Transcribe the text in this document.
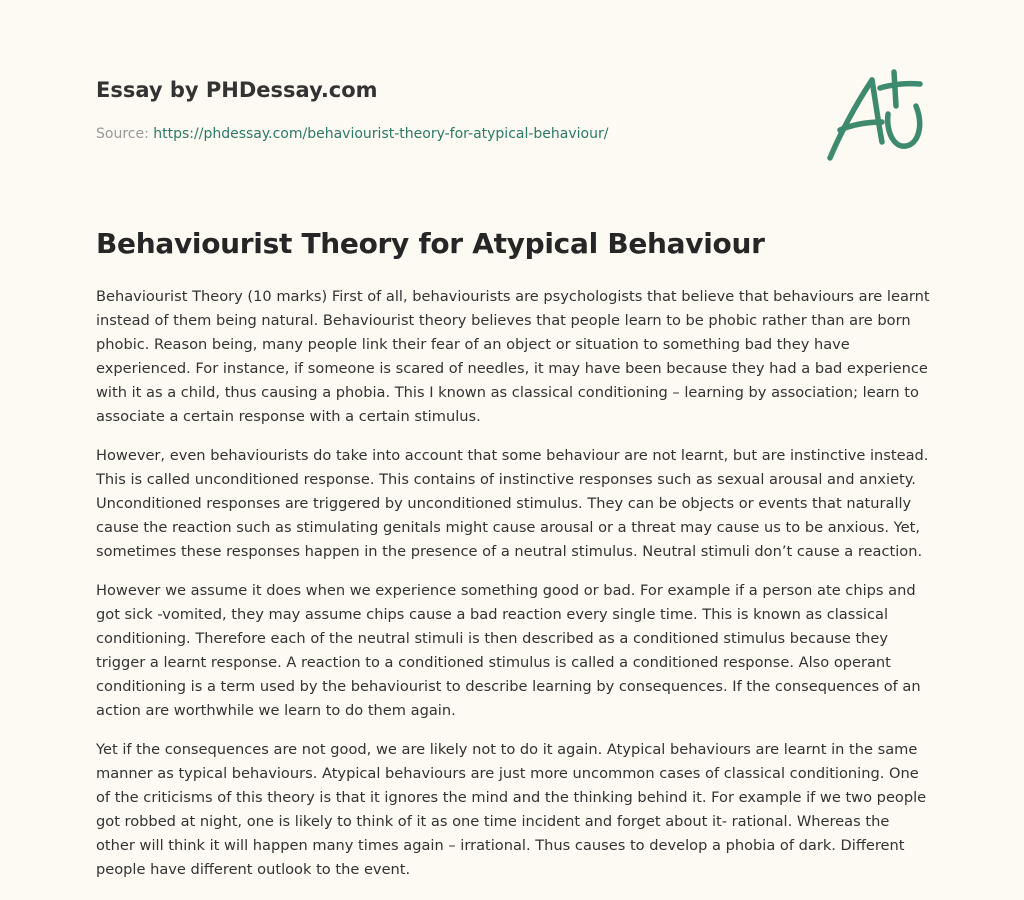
Essay by PHDessay.com
Source: https://phdessay.com/behaviourist-theory-for-atypical-behaviour/
Behaviourist Theory for Atypical Behaviour

Behaviourist Theory (10 marks) First of all, behaviourists are psychologists that believe that behaviours are learnt instead of them being natural. Behaviourist theory believes that people learn to be phobic rather than are born phobic. Reason being, many people link their fear of an object or situation to something bad they have experienced. For instance, if someone is scared of needles, it may have been because they had a bad experience with it as a child, thus causing a phobia. This I known as classical conditioning – learning by association; learn to associate a certain response with a certain stimulus.

However, even behaviourists do take into account that some behaviour are not learnt, but are instinctive instead. This is called unconditioned response. This contains of instinctive responses such as sexual arousal and anxiety. Unconditioned responses are triggered by unconditioned stimulus. They can be objects or events that naturally cause the reaction such as stimulating genitals might cause arousal or a threat may cause us to be anxious. Yet, sometimes these responses happen in the presence of a neutral stimulus. Neutral stimuli don’t cause a reaction.

However we assume it does when we experience something good or bad. For example if a person ate chips and got sick -vomited, they may assume chips cause a bad reaction every single time. This is known as classical conditioning. Therefore each of the neutral stimuli is then described as a conditioned stimulus because they trigger a learnt response. A reaction to a conditioned stimulus is called a conditioned response. Also operant conditioning is a term used by the behaviourist to describe learning by consequences. If the consequences of an action are worthwhile we learn to do them again.

Yet if the consequences are not good, we are likely not to do it again. Atypical behaviours are learnt in the same manner as typical behaviours. Atypical behaviours are just more uncommon cases of classical conditioning. One of the criticisms of this theory is that it ignores the mind and the thinking behind it. For example if we two people got robbed at night, one is likely to think of it as one time incident and forget about it- rational. Whereas the other will think it will happen many times again – irrational. Thus causes to develop a phobia of dark. Different people have different outlook to the event.
